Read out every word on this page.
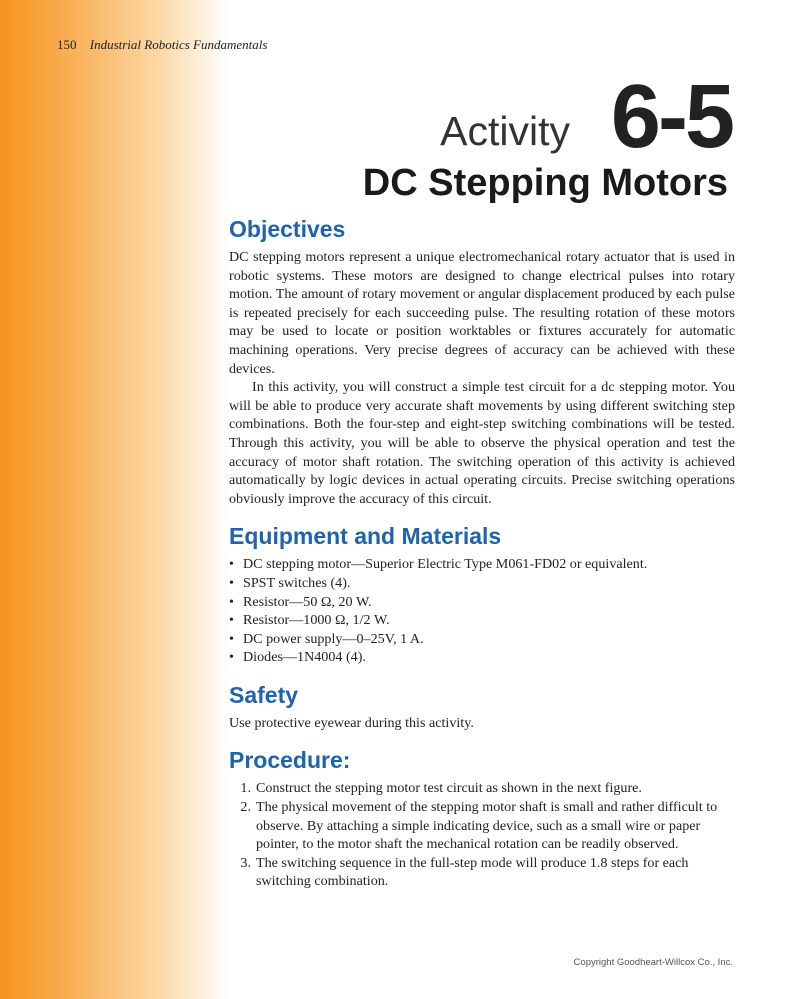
150 Industrial Robotics Fundamentals
Activity 6-5
DC Stepping Motors
Objectives

DC stepping motors represent a unique electromechanical rotary actuator that is used in robotic systems. These motors are designed to change electrical pulses into rotary motion. The amount of rotary movement or angular displacement produced by each pulse is repeated precisely for each succeeding pulse. The resulting rotation of these motors may be used to locate or position worktables or fixtures accurately for automatic machining operations. Very precise degrees of accuracy can be achieved with these devices.

In this activity, you will construct a simple test circuit for a dc stepping motor. You will be able to produce very accurate shaft movements by using different switching step combinations. Both the four-step and eight-step switching combinations will be tested. Through this activity, you will be able to observe the physical operation and test the accuracy of motor shaft rotation. The switching operation of this activity is achieved automatically by logic devices in actual operating circuits. Precise switching operations obviously improve the accuracy of this circuit.

Equipment and Materials
• DC stepping motor—Superior Electric Type M061-FD02 or equivalent.
• SPST switches (4).
• Resistor—50 Ω, 20 W.
• Resistor—1000 Ω, 1/2 W.
• DC power supply—0–25V, 1 A.
• Diodes—1N4004 (4).
Safety

Use protective eyewear during this activity.

Procedure:
1. Construct the stepping motor test circuit as shown in the next figure.
2. The physical movement of the stepping motor shaft is small and rather difficult to observe. By attaching a simple indicating device, such as a small wire or paper pointer, to the motor shaft the mechanical rotation can be readily observed.
3. The switching sequence in the full-step mode will produce 1.8 steps for each switching combination.
Copyright Goodheart-Willcox Co., Inc.
